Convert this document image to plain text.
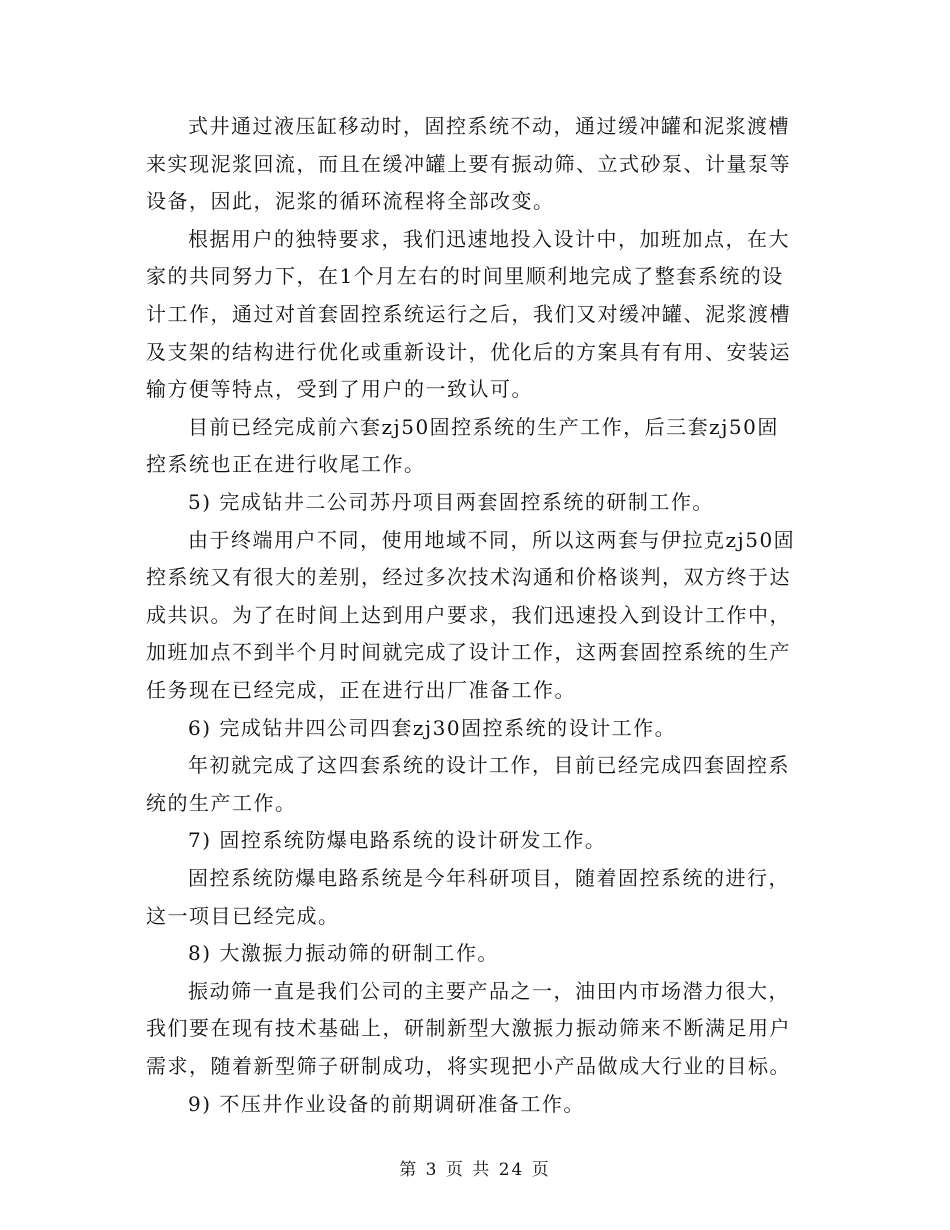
式井通过液压缸移动时，固控系统不动，通过缓冲罐和泥浆渡槽
来实现泥浆回流，而且在缓冲罐上要有振动筛、立式砂泵、计量泵等
设备，因此，泥浆的循环流程将全部改变。
根据用户的独特要求，我们迅速地投入设计中，加班加点，在大
家的共同努力下，在1个月左右的时间里顺利地完成了整套系统的设
计工作，通过对首套固控系统运行之后，我们又对缓冲罐、泥浆渡槽
及支架的结构进行优化或重新设计，优化后的方案具有有用、安装运
输方便等特点，受到了用户的一致认可。
目前已经完成前六套zj50固控系统的生产工作，后三套zj50固
控系统也正在进行收尾工作。
5) 完成钻井二公司苏丹项目两套固控系统的研制工作。
由于终端用户不同，使用地域不同，所以这两套与伊拉克zj50固
控系统又有很大的差别，经过多次技术沟通和价格谈判，双方终于达
成共识。为了在时间上达到用户要求，我们迅速投入到设计工作中，
加班加点不到半个月时间就完成了设计工作，这两套固控系统的生产
任务现在已经完成，正在进行出厂准备工作。
6) 完成钻井四公司四套zj30固控系统的设计工作。
年初就完成了这四套系统的设计工作，目前已经完成四套固控系
统的生产工作。
7) 固控系统防爆电路系统的设计研发工作。
固控系统防爆电路系统是今年科研项目，随着固控系统的进行，
这一项目已经完成。
8) 大激振力振动筛的研制工作。
振动筛一直是我们公司的主要产品之一，油田内市场潜力很大，
我们要在现有技术基础上，研制新型大激振力振动筛来不断满足用户
需求，随着新型筛子研制成功，将实现把小产品做成大行业的目标。
9) 不压井作业设备的前期调研准备工作。
第 3 页 共 24 页
